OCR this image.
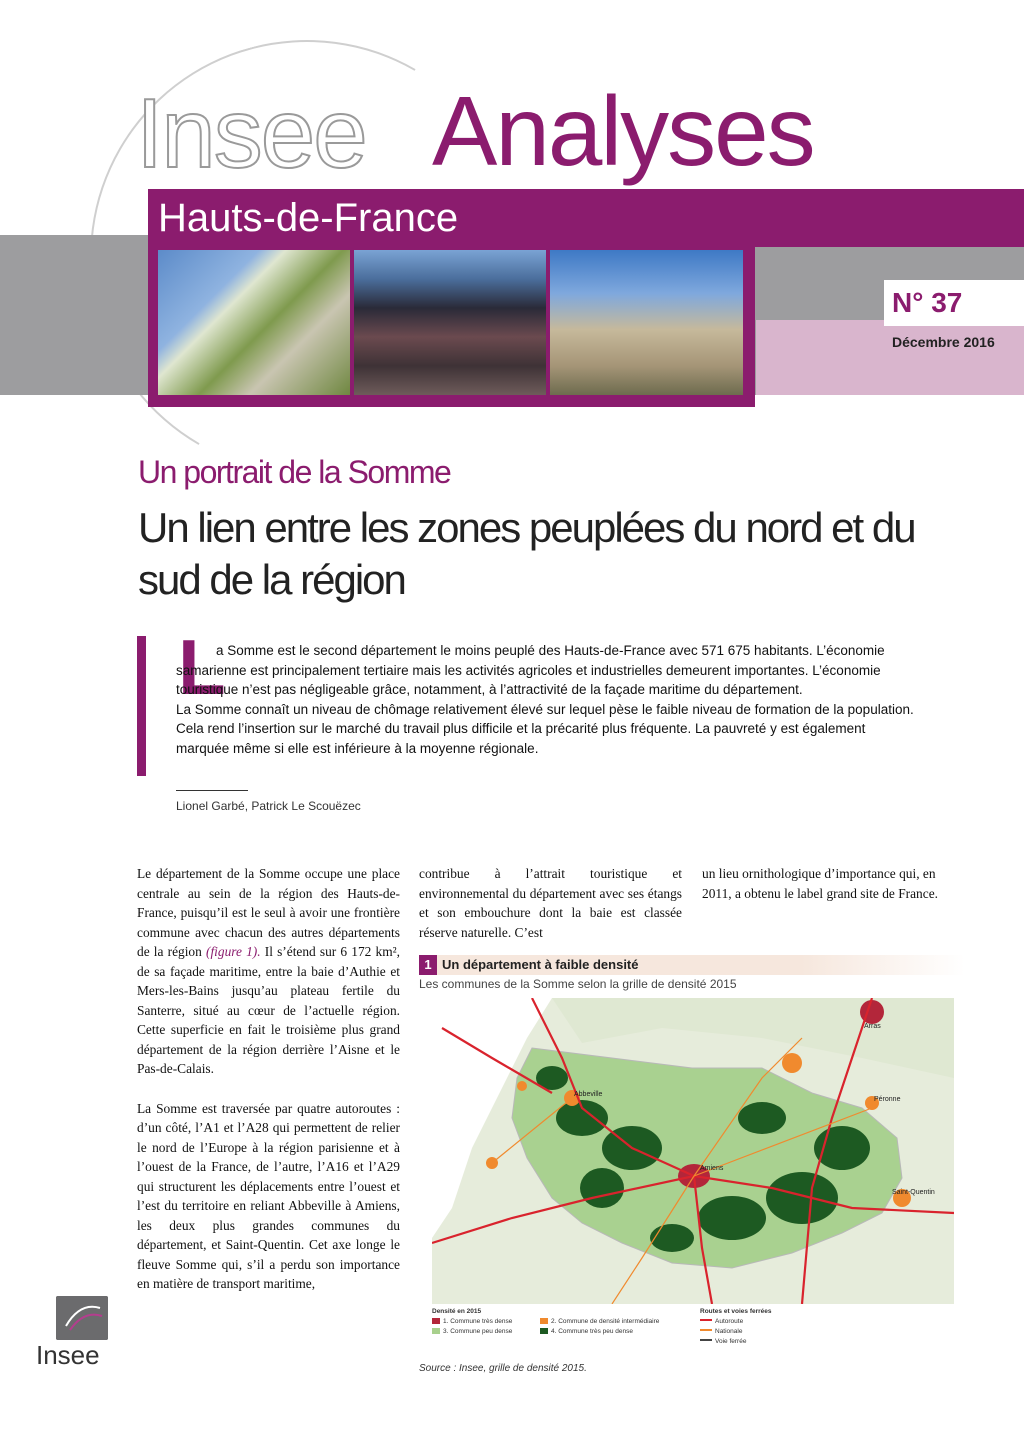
Insee Analyses
Hauts-de-France
N° 37
Décembre 2016
Un portrait de la Somme
Un lien entre les zones peuplées du nord et du sud de la région
L

a Somme est le second département le moins peuplé des Hauts-de-France avec 571 675 habitants. L’économie samarienne est principalement tertiaire mais les activités agricoles et industrielles demeurent importantes. L’économie touristique n’est pas négligeable grâce, notamment, à l’attractivité de la façade maritime du département.

La Somme connaît un niveau de chômage relativement élevé sur lequel pèse le faible niveau de formation de la population. Cela rend l’insertion sur le marché du travail plus difficile et la précarité plus fréquente. La pauvreté y est également marquée même si elle est inférieure à la moyenne régionale.

Lionel Garbé, Patrick Le Scouëzec

Le département de la Somme occupe une place centrale au sein de la région des Hauts-de-France, puisqu’il est le seul à avoir une frontière commune avec chacun des autres départements de la région (figure 1). Il s’étend sur 6 172 km², de sa façade maritime, entre la baie d’Authie et Mers-les-Bains jusqu’au plateau fertile du Santerre, situé au cœur de l’actuelle région. Cette superficie en fait le troisième plus grand département de la région derrière l’Aisne et le Pas-de-Calais.

La Somme est traversée par quatre autoroutes : d’un côté, l’A1 et l’A28 qui permettent de relier le nord de l’Europe à la région parisienne et à l’ouest de la France, de l’autre, l’A16 et l’A29 qui structurent les déplacements entre l’ouest et l’est du territoire en reliant Abbeville à Amiens, les deux plus grandes communes du département, et Saint-Quentin. Cet axe longe le fleuve Somme qui, s’il a perdu son importance en matière de transport maritime,

contribue à l’attrait touristique et environnemental du département avec ses étangs et son embouchure dont la baie est classée réserve naturelle. C’est

un lieu ornithologique d’importance qui, en 2011, a obtenu le label grand site de France.

1 Un département à faible densité
Les communes de la Somme selon la grille de densité 2015
Abbeville
Amiens
Péronne
Saint-Quentin
Arras
Densité en 2015
1. Commune très dense	2. Commune de densité intermédiaire
3. Commune peu dense	4. Commune très peu dense
Routes et voies ferrées
Autoroute
Nationale
Voie ferrée
Source : Insee, grille de densité 2015.
Insee
